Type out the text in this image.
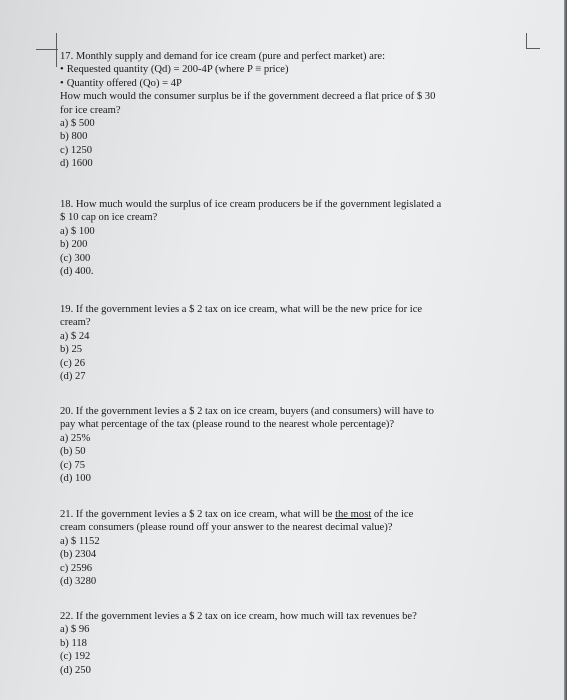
17. Monthly supply and demand for ice cream (pure and perfect market) are:
• Requested quantity (Qd) = 200-4P (where P ≡ price)
• Quantity offered (Qo) = 4P
How much would the consumer surplus be if the government decreed a flat price of $ 30
for ice cream?
a) $ 500
b) 800
c) 1250
d) 1600
18. How much would the surplus of ice cream producers be if the government legislated a
$ 10 cap on ice cream?
a) $ 100
b) 200
(c) 300
(d) 400.
19. If the government levies a $ 2 tax on ice cream, what will be the new price for ice
cream?
a) $ 24
b) 25
(c) 26
(d) 27
20. If the government levies a $ 2 tax on ice cream, buyers (and consumers) will have to
pay what percentage of the tax (please round to the nearest whole percentage)?
a) 25%
(b) 50
(c) 75
(d) 100
21. If the government levies a $ 2 tax on ice cream, what will be the most of the ice
cream consumers (please round off your answer to the nearest decimal value)?
a) $ 1152
(b) 2304
c) 2596
(d) 3280
22. If the government levies a $ 2 tax on ice cream, how much will tax revenues be?
a) $ 96
b) 118
(c) 192
(d) 250
